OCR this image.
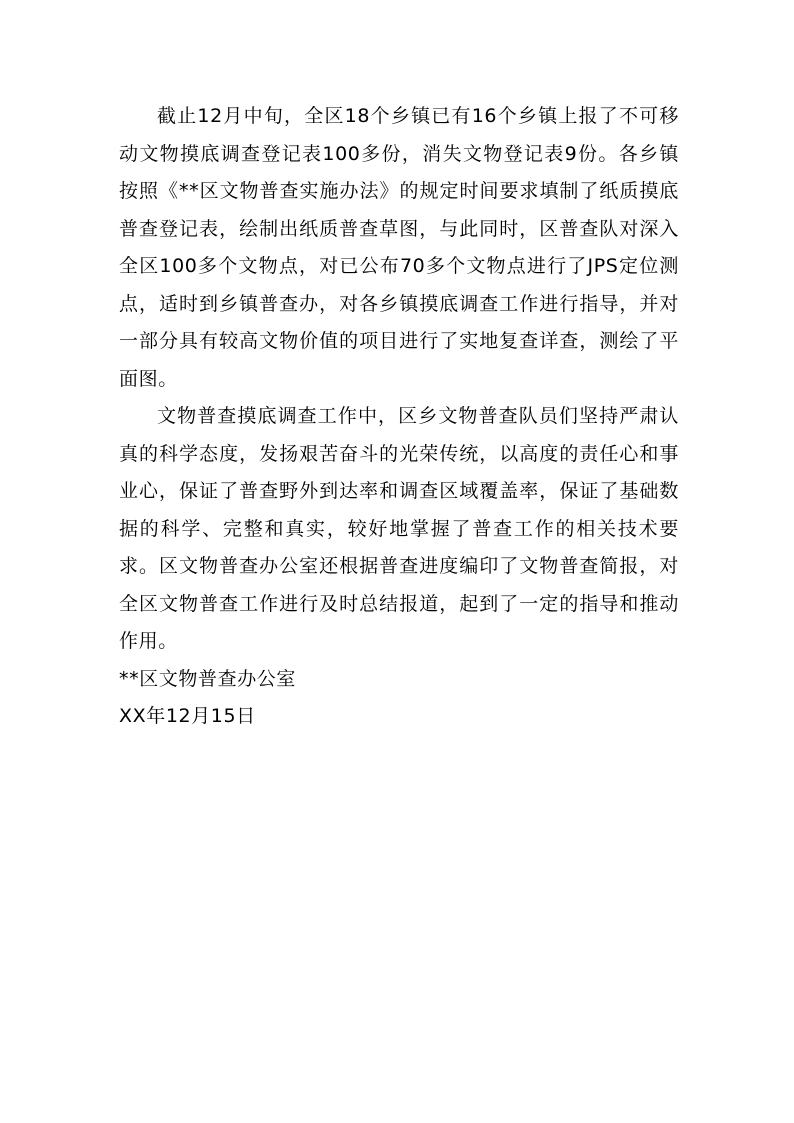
截止12月中旬，全区18个乡镇已有16个乡镇上报了不可移动文物摸底调查登记表100多份，消失文物登记表9份。各乡镇按照《**区文物普查实施办法》的规定时间要求填制了纸质摸底普查登记表，绘制出纸质普查草图，与此同时，区普查队对深入全区100多个文物点，对已公布70多个文物点进行了JPS定位测点，适时到乡镇普查办，对各乡镇摸底调查工作进行指导，并对一部分具有较高文物价值的项目进行了实地复查详查，测绘了平面图。

文物普查摸底调查工作中，区乡文物普查队员们坚持严肃认真的科学态度，发扬艰苦奋斗的光荣传统，以高度的责任心和事业心，保证了普查野外到达率和调查区域覆盖率，保证了基础数据的科学、完整和真实，较好地掌握了普查工作的相关技术要求。区文物普查办公室还根据普查进度编印了文物普查简报，对全区文物普查工作进行及时总结报道，起到了一定的指导和推动作用。

**区文物普查办公室

XX年12月15日
